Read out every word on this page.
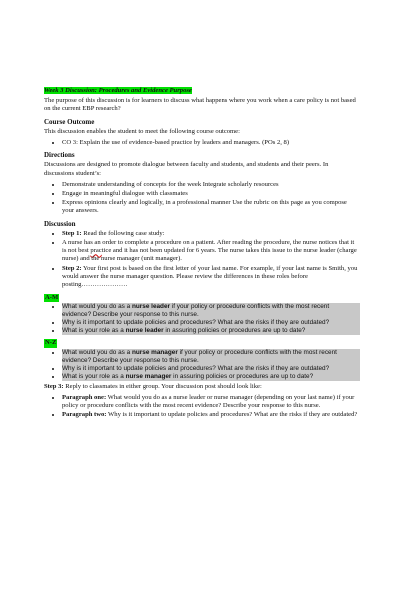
Week 3 Discussion: Procedures and Evidence Purpose

The purpose of this discussion is for learners to discuss what happens where you work when a care policy is not based on the current EBP research?

Course Outcome

This discussion enables the student to meet the following course outcome:

• CO 3: Explain the use of evidence-based practice by leaders and managers. (POs 2, 8)
Directions

Discussions are designed to promote dialogue between faculty and students, and students and their peers. In discussions student’s:

• Demonstrate understanding of concepts for the week Integrate scholarly resources
• Engage in meaningful dialogue with classmates
• Express opinions clearly and logically, in a professional manner Use the rubric on this page as you compose your answers.
Discussion
• Step 1: Read the following case study:
• A nurse has an order to complete a procedure on a patient. After reading the procedure, the nurse notices that it is not best practice and it has not been updated for 6 years. The nurse takes this issue to the nurse leader (charge nurse) and the nurse manager (unit manager).
• Step 2: Your first post is based on the first letter of your last name. For example, if your last name is Smith, you would answer the nurse manager question. Please review the differences in these roles before posting…………………
A-M
• What would you do as a nurse leader if your policy or procedure conflicts with the most recent evidence? Describe your response to this nurse.
• Why is it important to update policies and procedures? What are the risks if they are outdated?
• What is your role as a nurse leader in assuring policies or procedures are up to date?
N-Z
• What would you do as a nurse manager if your policy or procedure conflicts with the most recent evidence? Describe your response to this nurse.
• Why is it important to update policies and procedures? What are the risks if they are outdated?
• What is your role as a nurse manager in assuring policies or procedures are up to date?

Step 3: Reply to classmates in either group. Your discussion post should look like:

• Paragraph one: What would you do as a nurse leader or nurse manager (depending on your last name) if your policy or procedure conflicts with the most recent evidence? Describe your response to this nurse.
• Paragraph two: Why is it important to update policies and procedures? What are the risks if they are outdated?
